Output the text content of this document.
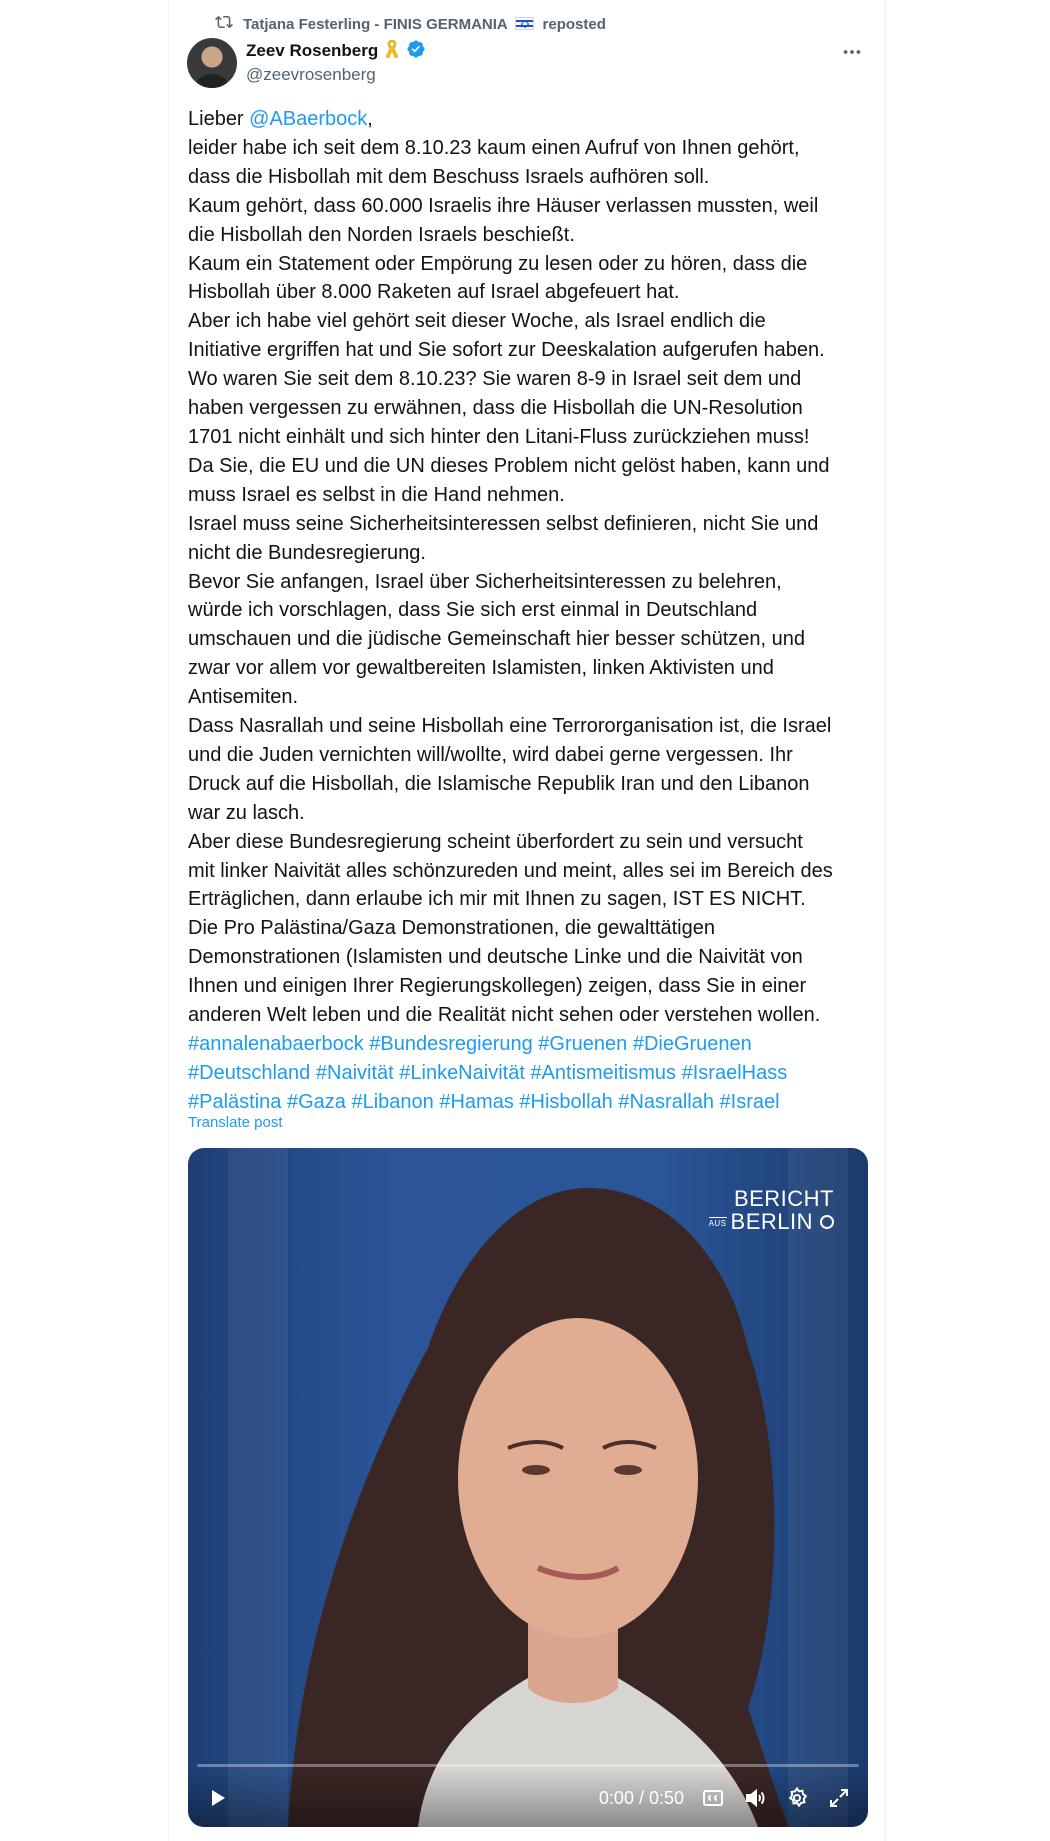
Tatjana Festerling - FINIS GERMANIA reposted
Zeev Rosenberg
@zeevrosenberg
Lieber @ABaerbock,
leider habe ich seit dem 8.10.23 kaum einen Aufruf von Ihnen gehört,
dass die Hisbollah mit dem Beschuss Israels aufhören soll.
Kaum gehört, dass 60.000 Israelis ihre Häuser verlassen mussten, weil
die Hisbollah den Norden Israels beschießt.
Kaum ein Statement oder Empörung zu lesen oder zu hören, dass die
Hisbollah über 8.000 Raketen auf Israel abgefeuert hat.
Aber ich habe viel gehört seit dieser Woche, als Israel endlich die
Initiative ergriffen hat und Sie sofort zur Deeskalation aufgerufen haben.
Wo waren Sie seit dem 8.10.23? Sie waren 8-9 in Israel seit dem und
haben vergessen zu erwähnen, dass die Hisbollah die UN-Resolution
1701 nicht einhält und sich hinter den Litani-Fluss zurückziehen muss!
Da Sie, die EU und die UN dieses Problem nicht gelöst haben, kann und
muss Israel es selbst in die Hand nehmen.
Israel muss seine Sicherheitsinteressen selbst definieren, nicht Sie und
nicht die Bundesregierung.
Bevor Sie anfangen, Israel über Sicherheitsinteressen zu belehren,
würde ich vorschlagen, dass Sie sich erst einmal in Deutschland
umschauen und die jüdische Gemeinschaft hier besser schützen, und
zwar vor allem vor gewaltbereiten Islamisten, linken Aktivisten und
Antisemiten.
Dass Nasrallah und seine Hisbollah eine Terrororganisation ist, die Israel
und die Juden vernichten will/wollte, wird dabei gerne vergessen. Ihr
Druck auf die Hisbollah, die Islamische Republik Iran und den Libanon
war zu lasch.
Aber diese Bundesregierung scheint überfordert zu sein und versucht
mit linker Naivität alles schönzureden und meint, alles sei im Bereich des
Erträglichen, dann erlaube ich mir mit Ihnen zu sagen, IST ES NICHT.
Die Pro Palästina/Gaza Demonstrationen, die gewalttätigen
Demonstrationen (Islamisten und deutsche Linke und die Naivität von
Ihnen und einigen Ihrer Regierungskollegen) zeigen, dass Sie in einer
anderen Welt leben und die Realität nicht sehen oder verstehen wollen.
#annalenabaerbock #Bundesregierung #Gruenen #DieGruenen
#Deutschland #Naivität #LinkeNaivität #Antismeitismus #IsraelHass
#Palästina #Gaza #Libanon #Hamas #Hisbollah #Nasrallah #Israel
Translate post
BERICHT
AUS BERLIN
0:00 / 0:50
